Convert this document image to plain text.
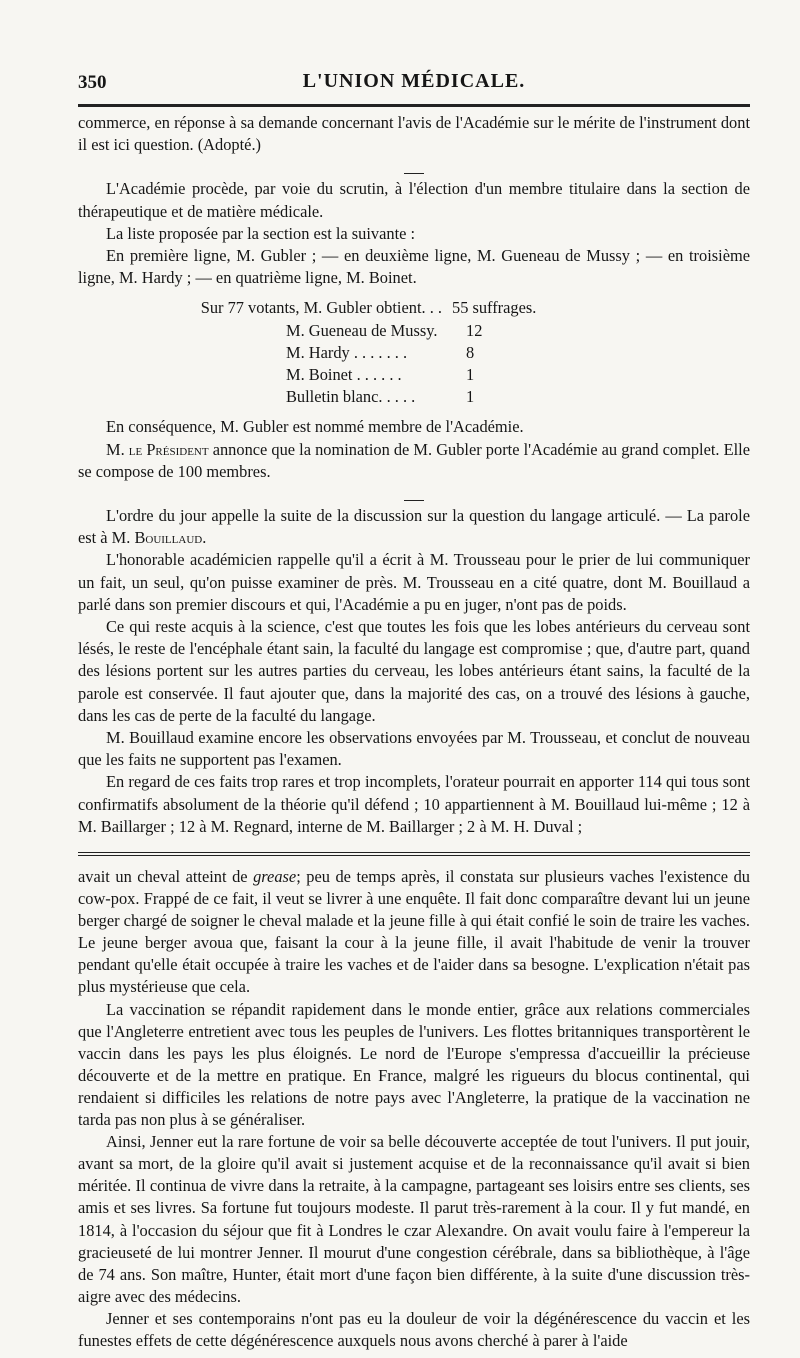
350	L'UNION MÉDICALE.

commerce, en réponse à sa demande concernant l'avis de l'Académie sur le mérite de l'instrument dont il est ici question. (Adopté.)

L'Académie procède, par voie du scrutin, à l'élection d'un membre titulaire dans la section de thérapeutique et de matière médicale.

La liste proposée par la section est la suivante :

En première ligne, M. Gubler ; — en deuxième ligne, M. Gueneau de Mussy ; — en troisième ligne, M. Hardy ; — en quatrième ligne, M. Boinet.

Sur 77 votants, M. Gubler obtient. . . 55 suffrages.
M. Gueneau de Mussy.	12
M. Hardy . . . . . . .	8
M. Boinet . . . . . .	1
Bulletin blanc. . . . .	1

En conséquence, M. Gubler est nommé membre de l'Académie.

M. le Président annonce que la nomination de M. Gubler porte l'Académie au grand complet. Elle se compose de 100 membres.

L'ordre du jour appelle la suite de la discussion sur la question du langage articulé. — La parole est à M. Bouillaud.

L'honorable académicien rappelle qu'il a écrit à M. Trousseau pour le prier de lui communiquer un fait, un seul, qu'on puisse examiner de près. M. Trousseau en a cité quatre, dont M. Bouillaud a parlé dans son premier discours et qui, l'Académie a pu en juger, n'ont pas de poids.

Ce qui reste acquis à la science, c'est que toutes les fois que les lobes antérieurs du cerveau sont lésés, le reste de l'encéphale étant sain, la faculté du langage est compromise ; que, d'autre part, quand des lésions portent sur les autres parties du cerveau, les lobes antérieurs étant sains, la faculté de la parole est conservée. Il faut ajouter que, dans la majorité des cas, on a trouvé des lésions à gauche, dans les cas de perte de la faculté du langage.

M. Bouillaud examine encore les observations envoyées par M. Trousseau, et conclut de nouveau que les faits ne supportent pas l'examen.

En regard de ces faits trop rares et trop incomplets, l'orateur pourrait en apporter 114 qui tous sont confirmatifs absolument de la théorie qu'il défend ; 10 appartiennent à M. Bouillaud lui-même ; 12 à M. Baillarger ; 12 à M. Regnard, interne de M. Baillarger ; 2 à M. H. Duval ;

avait un cheval atteint de grease; peu de temps après, il constata sur plusieurs vaches l'existence du cow-pox. Frappé de ce fait, il veut se livrer à une enquête. Il fait donc comparaître devant lui un jeune berger chargé de soigner le cheval malade et la jeune fille à qui était confié le soin de traire les vaches. Le jeune berger avoua que, faisant la cour à la jeune fille, il avait l'habitude de venir la trouver pendant qu'elle était occupée à traire les vaches et de l'aider dans sa besogne. L'explication n'était pas plus mystérieuse que cela.

La vaccination se répandit rapidement dans le monde entier, grâce aux relations commerciales que l'Angleterre entretient avec tous les peuples de l'univers. Les flottes britanniques transportèrent le vaccin dans les pays les plus éloignés. Le nord de l'Europe s'empressa d'accueillir la précieuse découverte et de la mettre en pratique. En France, malgré les rigueurs du blocus continental, qui rendaient si difficiles les relations de notre pays avec l'Angleterre, la pratique de la vaccination ne tarda pas non plus à se généraliser.

Ainsi, Jenner eut la rare fortune de voir sa belle découverte acceptée de tout l'univers. Il put jouir, avant sa mort, de la gloire qu'il avait si justement acquise et de la reconnaissance qu'il avait si bien méritée. Il continua de vivre dans la retraite, à la campagne, partageant ses loisirs entre ses clients, ses amis et ses livres. Sa fortune fut toujours modeste. Il parut très-rarement à la cour. Il y fut mandé, en 1814, à l'occasion du séjour que fit à Londres le czar Alexandre. On avait voulu faire à l'empereur la gracieuseté de lui montrer Jenner. Il mourut d'une congestion cérébrale, dans sa bibliothèque, à l'âge de 74 ans. Son maître, Hunter, était mort d'une façon bien différente, à la suite d'une discussion très-aigre avec des médecins.

Jenner et ses contemporains n'ont pas eu la douleur de voir la dégénérescence du vaccin et les funestes effets de cette dégénérescence auxquels nous avons cherché à parer à l'aide
